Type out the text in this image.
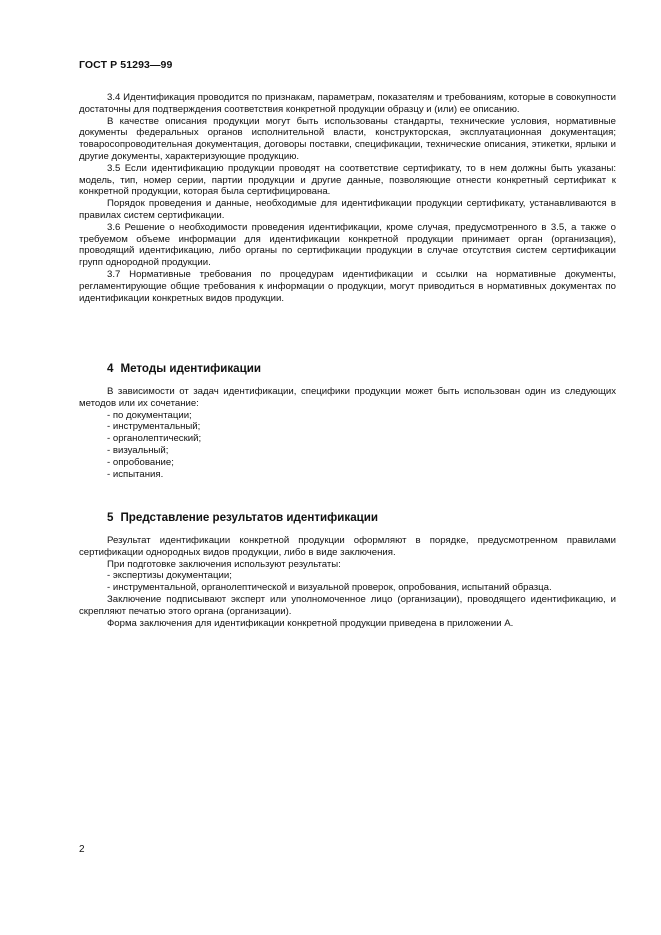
ГОСТ Р 51293—99

3.4 Идентификация проводится по признакам, параметрам, показателям и требованиям, которые в совокупности достаточны для подтверждения соответствия конкретной продукции образцу и (или) ее описанию.

В качестве описания продукции могут быть использованы стандарты, технические условия, нормативные документы федеральных органов исполнительной власти, конструкторская, эксплуатационная документация; товаросопроводительная документация, договоры поставки, спецификации, технические описания, этикетки, ярлыки и другие документы, характеризующие продукцию.

3.5 Если идентификацию продукции проводят на соответствие сертификату, то в нем должны быть указаны: модель, тип, номер серии, партии продукции и другие данные, позволяющие отнести конкретный сертификат к конкретной продукции, которая была сертифицирована.

Порядок проведения и данные, необходимые для идентификации продукции сертификату, устанавливаются в правилах систем сертификации.

3.6 Решение о необходимости проведения идентификации, кроме случая, предусмотренного в 3.5, а также о требуемом объеме информации для идентификации конкретной продукции принимает орган (организация), проводящий идентификацию, либо органы по сертификации продукции в случае отсутствия систем сертификации групп однородной продукции.

3.7 Нормативные требования по процедурам идентификации и ссылки на нормативные документы, регламентирующие общие требования к информации о продукции, могут приводиться в нормативных документах по идентификации конкретных видов продукции.

4 Методы идентификации

В зависимости от задач идентификации, специфики продукции может быть использован один из следующих методов или их сочетание:

- по документации;

- инструментальный;

- органолептический;

- визуальный;

- опробование;

- испытания.

5 Представление результатов идентификации

Результат идентификации конкретной продукции оформляют в порядке, предусмотренном правилами сертификации однородных видов продукции, либо в виде заключения.

При подготовке заключения используют результаты:

- экспертизы документации;

- инструментальной, органолептической и визуальной проверок, опробования, испытаний образца.

Заключение подписывают эксперт или уполномоченное лицо (организации), проводящего идентификацию, и скрепляют печатью этого органа (организации).

Форма заключения для идентификации конкретной продукции приведена в приложении А.

2
